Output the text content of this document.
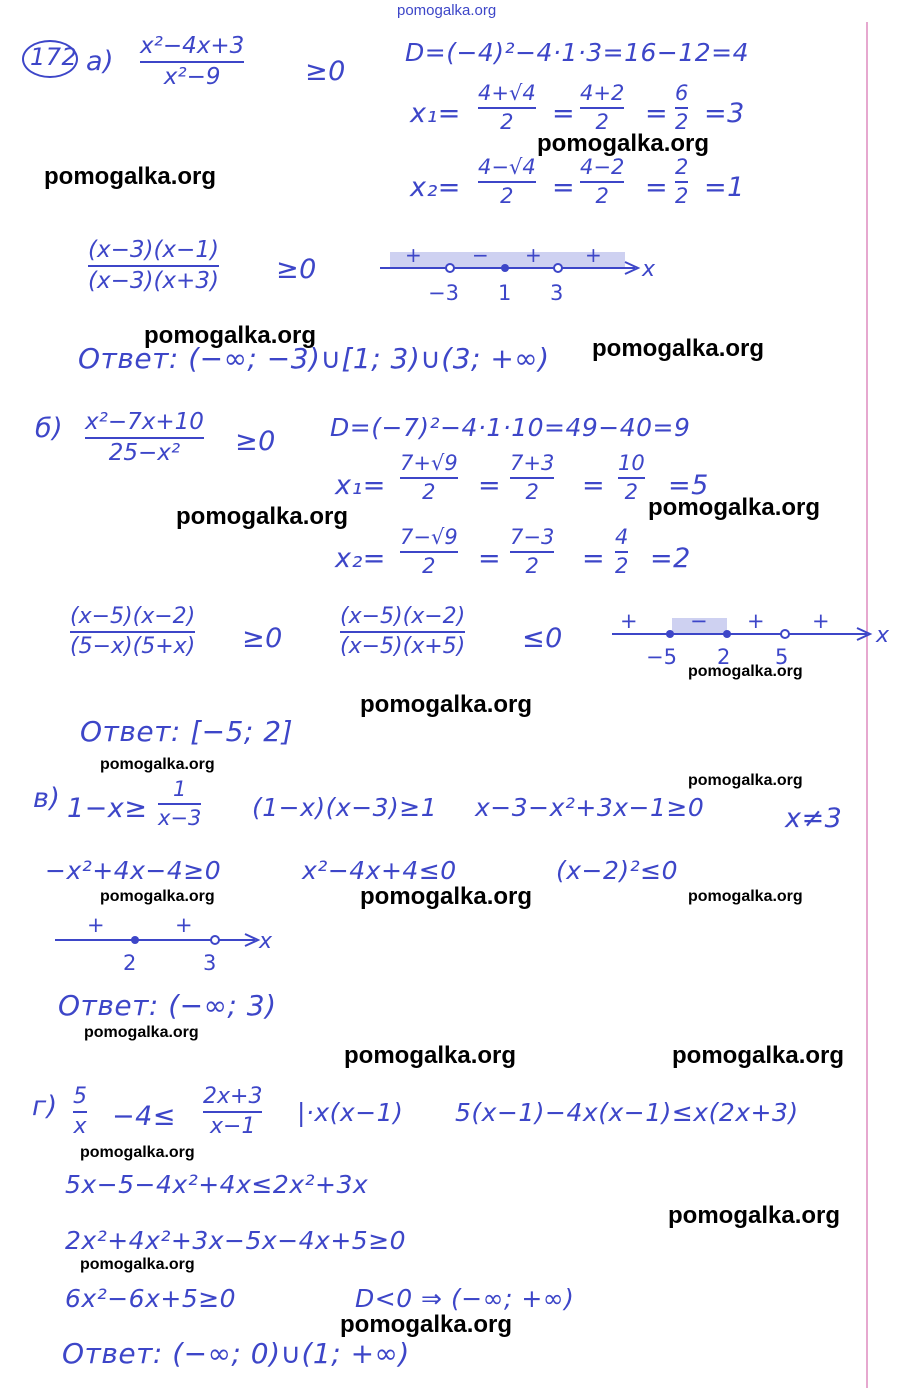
pomogalka.org
172 а) x²−4x+3
x²−9	≥0
D=(−4)²−4·1·3=16−12=4
x₁=
4+√4
2	=
4+2
2	=
6
2 =3
x₂=
4−√4
2	=
4−2
2	=
2
2 =1
(x−3)(x−1)
(x−3)(x+3) ≥0	+	− + +
−3 1 3
x
Ответ: (−∞; −3)∪[1; 3)∪(3; +∞)
б) x²−7x+10
25−x²	≥0 D=(−7)²−4·1·10=49−40=9
x₁=
7+√9
2	=
7+3
2	=
10
2 =5
x₂=
7−√9
2	=
7−3
2	=
4
2 =2
(x−5)(x−2)
(5−x)(5+x) ≥0
(x−5)(x−2)
(x−5)(x+5) ≤0
+ − + +
−5 2 5
x
Ответ: [−5; 2]
в) 1−x≥
1
x−3 (1−x)(x−3)≥1 x−3−x²+3x−1≥0	x≠3
−x²+4x−4≥0	x²−4x+4≤0	(x−2)²≤0
+	+
2	3
x
Ответ: (−∞; 3)
г) 5
x −4≤
2x+3
x−1 |·x(x−1) 5(x−1)−4x(x−1)≤x(2x+3)
5x−5−4x²+4x≤2x²+3x
2x²+4x²+3x−5x−4x+5≥0
6x²−6x+5≥0	D<0 ⇒ (−∞; +∞)
Ответ: (−∞; 0)∪(1; +∞)
pomogalka.org
pomogalka.org
pomogalka.org	pomogalka.org
pomogalka.org
pomogalka.org
pomogalka.org
pomogalka.org
pomogalka.org
pomogalka.org
pomogalka.org	pomogalka.org	pomogalka.org
pomogalka.org
pomogalka.org	pomogalka.org
pomogalka.org
pomogalka.org
pomogalka.org
pomogalka.org
